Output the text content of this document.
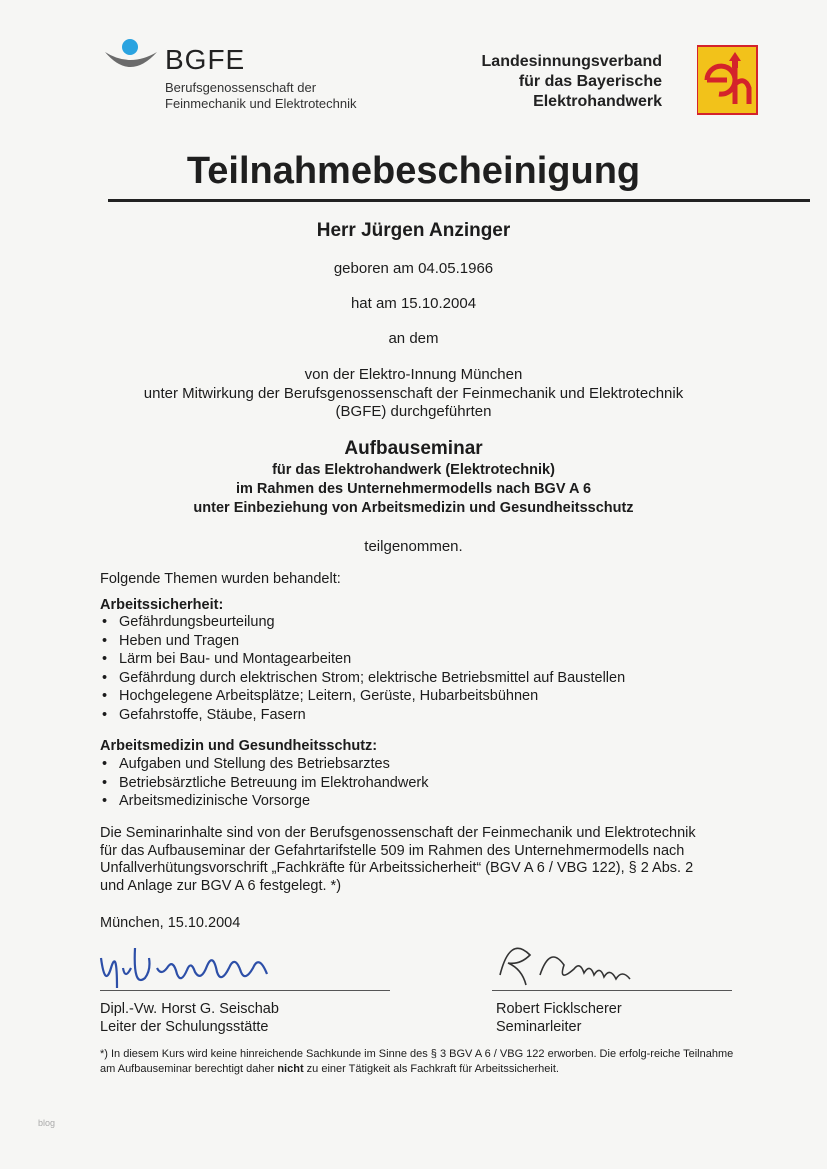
BGFE
Berufsgenossenschaft der
Feinmechanik und Elektrotechnik
Landesinnungsverband
für das Bayerische
Elektrohandwerk
Teilnahmebescheinigung
Herr Jürgen Anzinger
geboren am 04.05.1966
hat am 15.10.2004
an dem
von der Elektro-Innung München
unter Mitwirkung der Berufsgenossenschaft der Feinmechanik und Elektrotechnik
(BGFE) durchgeführten
Aufbauseminar
für das Elektrohandwerk (Elektrotechnik)
im Rahmen des Unternehmermodells nach BGV A 6
unter Einbeziehung von Arbeitsmedizin und Gesundheitsschutz
teilgenommen.
Folgende Themen wurden behandelt:
Arbeitssicherheit:
• Gefährdungsbeurteilung
• Heben und Tragen
• Lärm bei Bau- und Montagearbeiten
• Gefährdung durch elektrischen Strom; elektrische Betriebsmittel auf Baustellen
• Hochgelegene Arbeitsplätze; Leitern, Gerüste, Hubarbeitsbühnen
• Gefahrstoffe, Stäube, Fasern
Arbeitsmedizin und Gesundheitsschutz:
• Aufgaben und Stellung des Betriebsarztes
• Betriebsärztliche Betreuung im Elektrohandwerk
• Arbeitsmedizinische Vorsorge
Die Seminarinhalte sind von der Berufsgenossenschaft der Feinmechanik und Elektrotechnik
für das Aufbauseminar der Gefahrtarifstelle 509 im Rahmen des Unternehmermodells nach
Unfallverhütungsvorschrift „Fachkräfte für Arbeitssicherheit“ (BGV A 6 / VBG 122), § 2 Abs. 2
und Anlage zur BGV A 6 festgelegt. *)
München, 15.10.2004
Dipl.-Vw. Horst G. Seischab
Leiter der Schulungsstätte
Robert Ficklscherer
Seminarleiter
*) In diesem Kurs wird keine hinreichende Sachkunde im Sinne des § 3 BGV A 6 / VBG 122 erworben. Die erfolg-reiche Teilnahme am Aufbauseminar berechtigt daher nicht zu einer Tätigkeit als Fachkraft für Arbeitssicherheit.
blog
